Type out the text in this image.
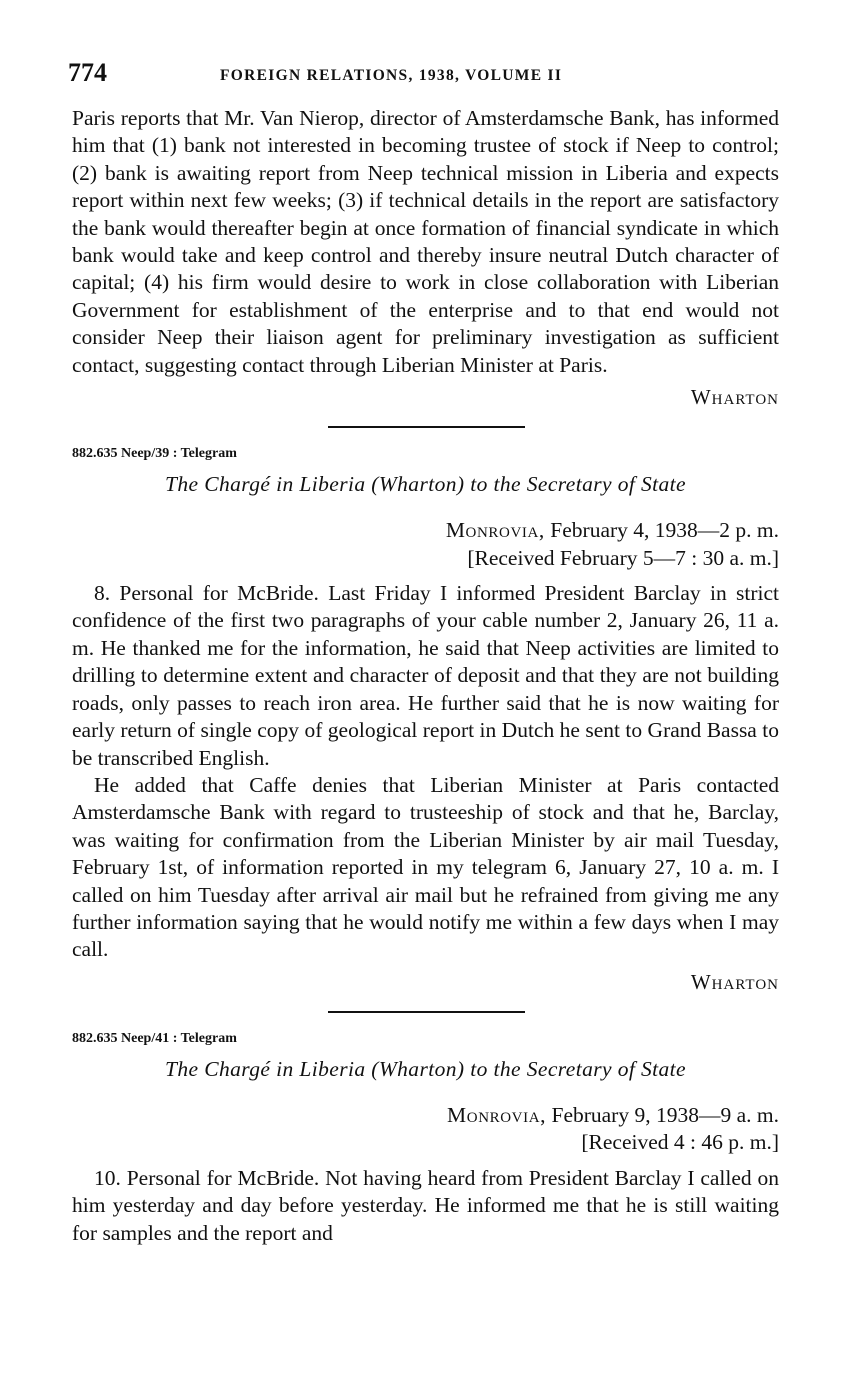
774	FOREIGN RELATIONS, 1938, VOLUME II

Paris reports that Mr. Van Nierop, director of Amsterdamsche Bank, has informed him that (1) bank not interested in becoming trustee of stock if Neep to control; (2) bank is awaiting report from Neep technical mission in Liberia and expects report within next few weeks; (3) if technical details in the report are satisfactory the bank would thereafter begin at once formation of financial syndicate in which bank would take and keep control and thereby insure neutral Dutch character of capital; (4) his firm would desire to work in close collaboration with Liberian Government for establishment of the enterprise and to that end would not consider Neep their liaison agent for preliminary investigation as sufficient contact, suggesting contact through Liberian Minister at Paris.

Wharton
882.635 Neep/39 : Telegram
The Chargé in Liberia (Wharton) to the Secretary of State
Monrovia, February 4, 1938—2 p. m.
[Received February 5—7 : 30 a. m.]

8. Personal for McBride. Last Friday I informed President Barclay in strict confidence of the first two paragraphs of your cable number 2, January 26, 11 a. m. He thanked me for the information, he said that Neep activities are limited to drilling to determine extent and character of deposit and that they are not building roads, only passes to reach iron area. He further said that he is now waiting for early return of single copy of geological report in Dutch he sent to Grand Bassa to be transcribed English.

He added that Caffe denies that Liberian Minister at Paris contacted Amsterdamsche Bank with regard to trusteeship of stock and that he, Barclay, was waiting for confirmation from the Liberian Minister by air mail Tuesday, February 1st, of information reported in my telegram 6, January 27, 10 a. m. I called on him Tuesday after arrival air mail but he refrained from giving me any further information saying that he would notify me within a few days when I may call.

Wharton
882.635 Neep/41 : Telegram
The Chargé in Liberia (Wharton) to the Secretary of State
Monrovia, February 9, 1938—9 a. m.
[Received 4 : 46 p. m.]

10. Personal for McBride. Not having heard from President Barclay I called on him yesterday and day before yesterday. He informed me that he is still waiting for samples and the report and
